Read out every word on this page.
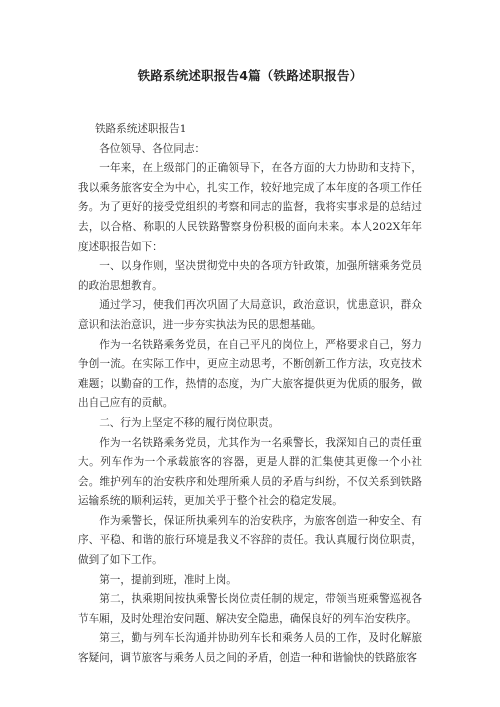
铁路系统述职报告4篇（铁路述职报告）

铁路系统述职报告1

各位领导、各位同志：

一年来，在上级部门的正确领导下，在各方面的大力协助和支持下，我以乘务旅客安全为中心，扎实工作，较好地完成了本年度的各项工作任务。为了更好的接受党组织的考察和同志的监督，我将实事求是的总结过去，以合格、称职的人民铁路警察身份积极的面向未来。本人202X年年度述职报告如下：

一、以身作则，坚决贯彻党中央的各项方针政策，加强所辖乘务党员的政治思想教育。

通过学习，使我们再次巩固了大局意识，政治意识，忧患意识，群众意识和法治意识，进一步夯实执法为民的思想基础。

作为一名铁路乘务党员，在自己平凡的岗位上，严格要求自己，努力争创一流。在实际工作中，更应主动思考，不断创新工作方法，攻克技术难题；以勤奋的工作，热情的态度，为广大旅客提供更为优质的服务，做出自己应有的贡献。

二、行为上坚定不移的履行岗位职责。

作为一名铁路乘务党员，尤其作为一名乘警长，我深知自己的责任重大。列车作为一个承载旅客的容器，更是人群的汇集使其更像一个小社会。维护列车的治安秩序和处理所乘人员的矛盾与纠纷，不仅关系到铁路运输系统的顺利运转，更加关乎于整个社会的稳定发展。

作为乘警长，保证所执乘列车的治安秩序，为旅客创造一种安全、有序、平稳、和谐的旅行环境是我义不容辞的责任。我认真履行岗位职责，做到了如下工作。

第一，提前到班，准时上岗。

第二，执乘期间按执乘警长岗位责任制的规定，带领当班乘警巡视各节车厢，及时处理治安问题、解决安全隐患，确保良好的列车治安秩序。

第三，勤与列车长沟通并协助列车长和乘务人员的工作，及时化解旅客疑问，调节旅客与乘务人员之间的矛盾，创造一种和谐愉快的铁路旅客
